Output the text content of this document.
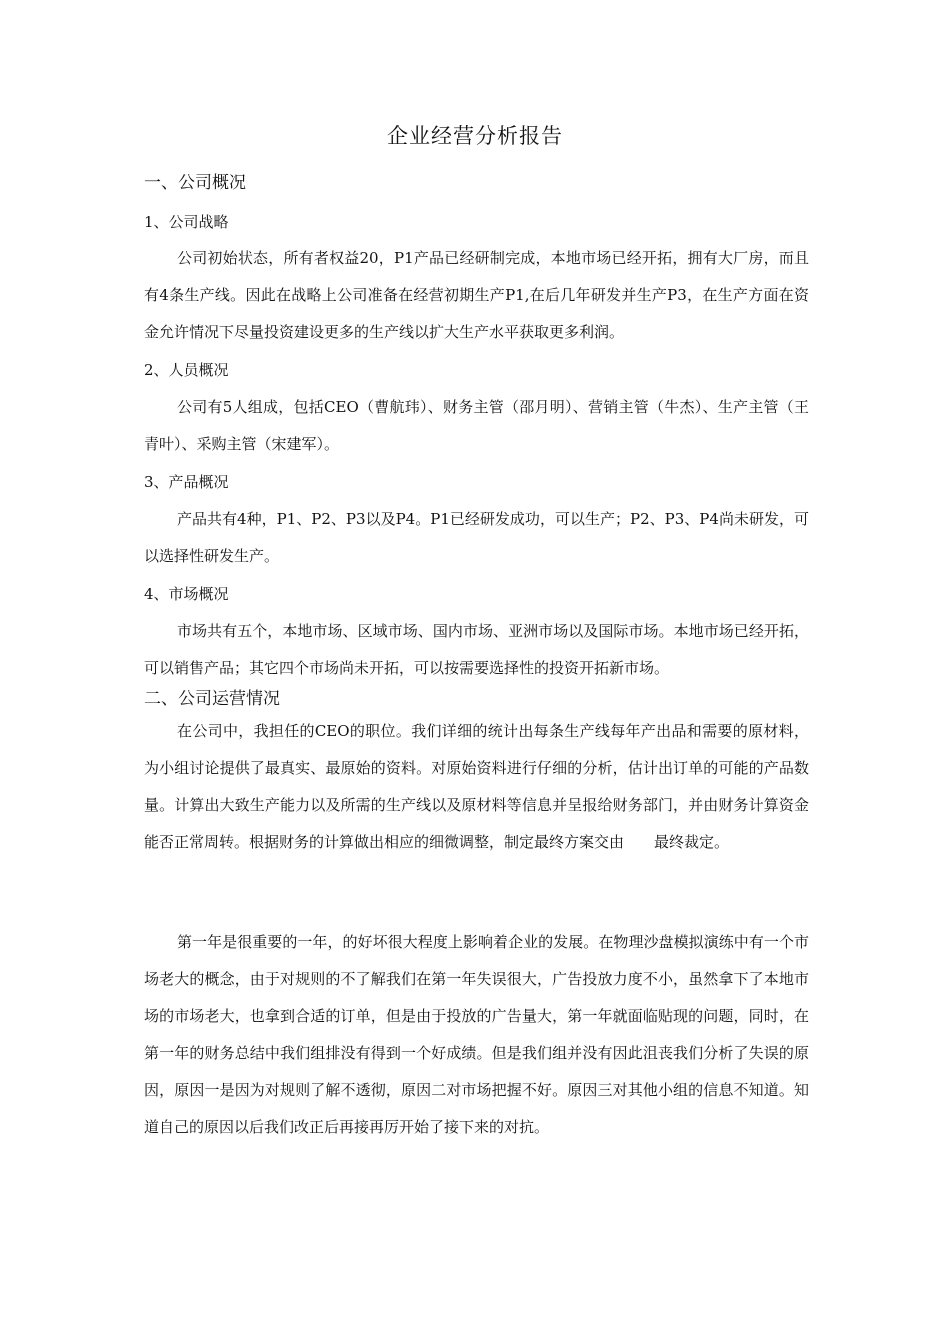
企业经营分析报告
一、公司概况
1、公司战略

公司初始状态，所有者权益20，P1产品已经研制完成，本地市场已经开拓，拥有大厂房，而且有4条生产线。因此在战略上公司准备在经营初期生产P1,在后几年研发并生产P3，在生产方面在资金允许情况下尽量投资建设更多的生产线以扩大生产水平获取更多利润。

2、人员概况

公司有5人组成，包括CEO（曹航玮）、财务主管（邵月明）、营销主管（牛杰）、生产主管（王青叶）、采购主管（宋建军）。

3、产品概况

产品共有4种，P1、P2、P3以及P4。P1已经研发成功，可以生产；P2、P3、P4尚未研发，可以选择性研发生产。

4、市场概况

市场共有五个，本地市场、区域市场、国内市场、亚洲市场以及国际市场。本地市场已经开拓，可以销售产品；其它四个市场尚未开拓，可以按需要选择性的投资开拓新市场。

二、公司运营情况

在公司中，我担任的CEO的职位。我们详细的统计出每条生产线每年产出品和需要的原材料，为小组讨论提供了最真实、最原始的资料。对原始资料进行仔细的分析，估计出订单的可能的产品数量。计算出大致生产能力以及所需的生产线以及原材料等信息并呈报给财务部门，并由财务计算资金能否正常周转。根据财务的计算做出相应的细微调整，制定最终方案交由　　最终裁定。

第一年是很重要的一年，的好坏很大程度上影响着企业的发展。在物理沙盘模拟演练中有一个市场老大的概念，由于对规则的不了解我们在第一年失误很大，广告投放力度不小，虽然拿下了本地市场的市场老大，也拿到合适的订单，但是由于投放的广告量大，第一年就面临贴现的问题，同时，在第一年的财务总结中我们组排没有得到一个好成绩。但是我们组并没有因此沮丧我们分析了失误的原因，原因一是因为对规则了解不透彻，原因二对市场把握不好。原因三对其他小组的信息不知道。知道自己的原因以后我们改正后再接再厉开始了接下来的对抗。
